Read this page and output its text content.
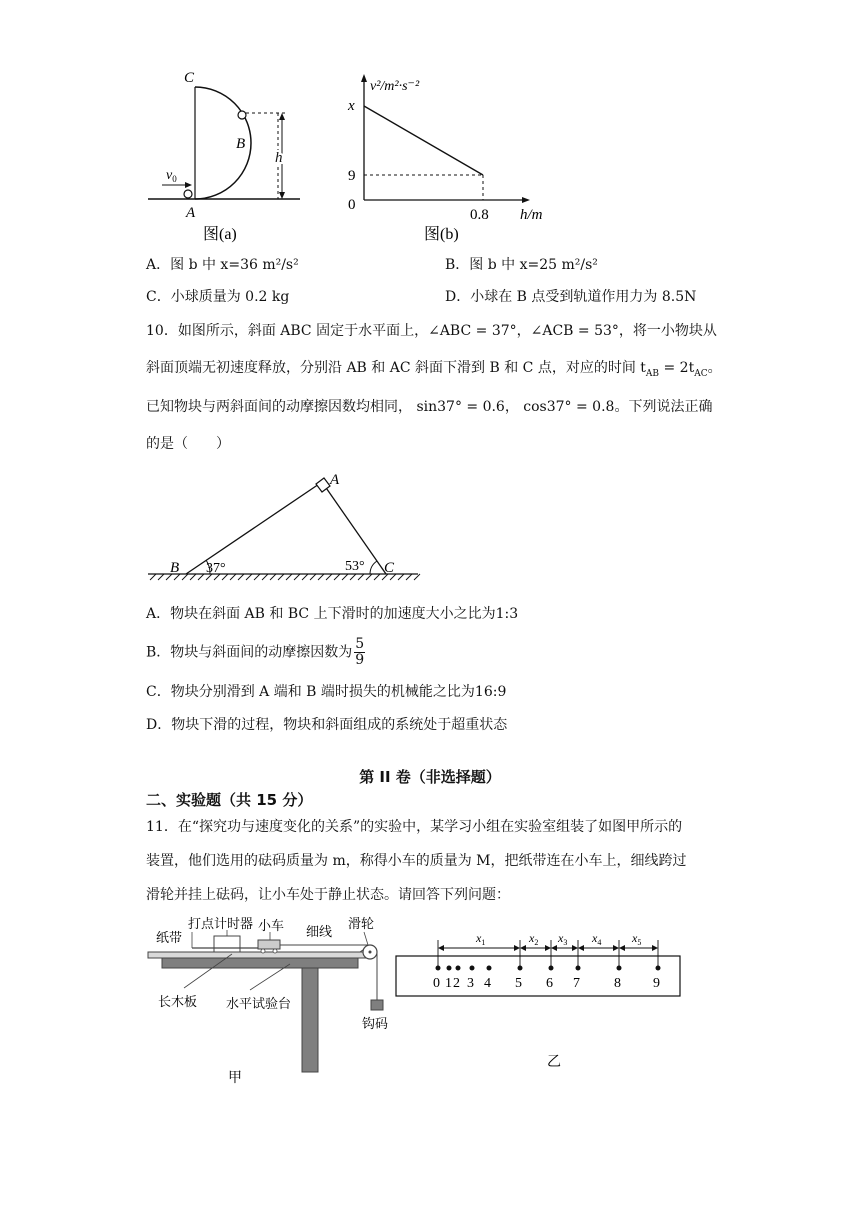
C
B
A
h
$v_0$
图(a)
v²/m²·s⁻²
x
9
0
0.8 h/m
图(b)
A．图 b 中 x=36 m²/s²	B．图 b 中 x=25 m²/s²
C．小球质量为 0.2 kg	D．小球在 B 点受到轨道作用力为 8.5N
10．如图所示，斜面 ABC 固定于水平面上，∠ABC = 37°，∠ACB = 53°，将一小物块从
斜面顶端无初速度释放，分别沿 AB 和 AC 斜面下滑到 B 和 C 点，对应的时间 $t_{AB} = 2t_{AC}$。
已知物块与两斜面间的动摩擦因数均相同， sin37° = 0.6， cos37° = 0.8。下列说法正确
的是（　　）
A
B	C
37°	53°
A．物块在斜面 AB 和 BC 上下滑时的加速度大小之比为1:3
B．物块与斜面间的动摩擦因数为 $\frac{5}{9}$
C．物块分别滑到 A 端和 B 端时损失的机械能之比为16:9
D．物块下滑的过程，物块和斜面组成的系统处于超重状态
第 II 卷（非选择题）
二、实验题（共 15 分）
11．在“探究功与速度变化的关系”的实验中，某学习小组在实验室组装了如图甲所示的
装置，他们选用的砝码质量为 m，称得小车的质量为 M，把纸带连在小车上，细线跨过
滑轮并挂上砝码，让小车处于静止状态。请回答下列问题：
纸带
打点计时器 小车 细线
滑轮
长木板 水平试验台
钩码
甲
$x_1$	$x_2$ $x_3$ $x_4$	$x_5$
0 1 2 3 4 5 6 7 8 9
乙
